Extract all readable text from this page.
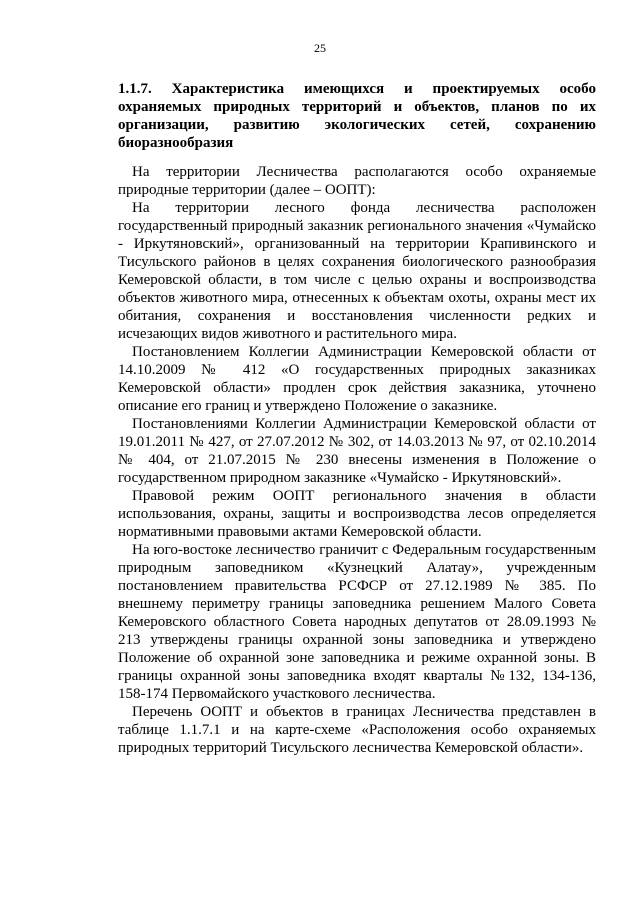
25
1.1.7. Характеристика имеющихся и проектируемых особо охраняемых природных территорий и объектов, планов по их организации, развитию экологических сетей, сохранению биоразнообразия

На территории Лесничества располагаются особо охраняемые природные территории (далее – ООПТ):

На территории лесного фонда лесничества расположен государственный природный заказник регионального значения «Чумайско - Иркутяновский», организованный на территории Крапивинского и Тисульского районов в целях сохранения биологического разнообразия Кемеровской области, в том числе с целью охраны и воспроизводства объектов животного мира, отнесенных к объектам охоты, охраны мест их обитания, сохранения и восстановления численности редких и исчезающих видов животного и растительного мира.

Постановлением Коллегии Администрации Кемеровской области от 14.10.2009 № 412 «О государственных природных заказниках Кемеровской области» продлен срок действия заказника, уточнено описание его границ и утверждено Положение о заказнике.

Постановлениями Коллегии Администрации Кемеровской области от 19.01.2011 № 427, от 27.07.2012 № 302, от 14.03.2013 № 97, от 02.10.2014 № 404, от 21.07.2015 № 230 внесены изменения в Положение о государственном природном заказнике «Чумайско - Иркутяновский».

Правовой режим ООПТ регионального значения в области использования, охраны, защиты и воспроизводства лесов определяется нормативными правовыми актами Кемеровской области.

На юго-востоке лесничество граничит с Федеральным государственным природным заповедником «Кузнецкий Алатау», учрежденным постановлением правительства РСФСР от 27.12.1989 № 385. По внешнему периметру границы заповедника решением Малого Совета Кемеровского областного Совета народных депутатов от 28.09.1993 № 213 утверждены границы охранной зоны заповедника и утверждено Положение об охранной зоне заповедника и режиме охранной зоны. В границы охранной зоны заповедника входят кварталы №132, 134-136, 158-174 Первомайского участкового лесничества.

Перечень ООПТ и объектов в границах Лесничества представлен в таблице 1.1.7.1 и на карте-схеме «Расположения особо охраняемых природных территорий Тисульского лесничества Кемеровской области».
